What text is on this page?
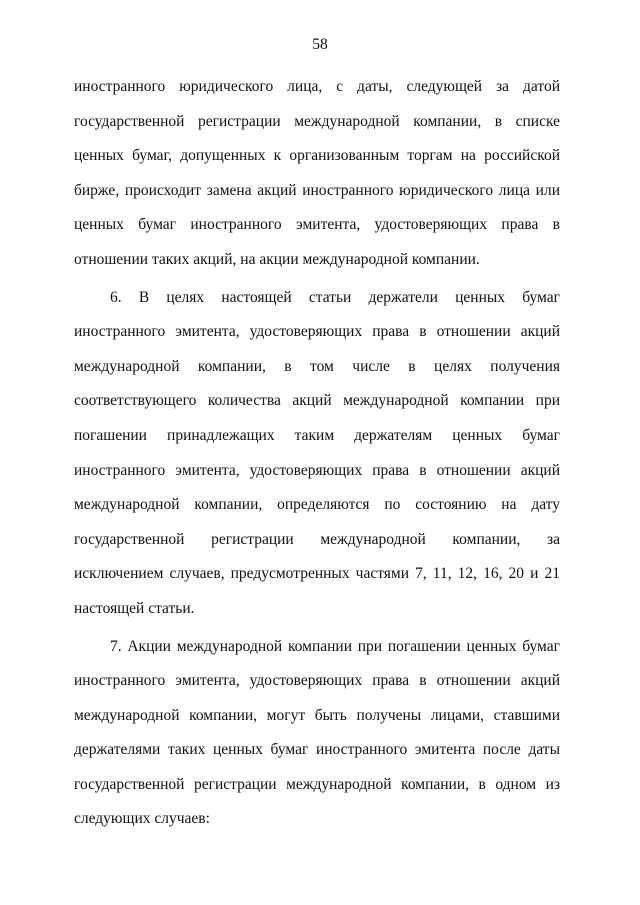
58

иностранного юридического лица, с даты, следующей за датой государственной регистрации международной компании, в списке ценных бумаг, допущенных к организованным торгам на российской бирже, происходит замена акций иностранного юридического лица или ценных бумаг иностранного эмитента, удостоверяющих права в отношении таких акций, на акции международной компании.

6. В целях настоящей статьи держатели ценных бумаг иностранного эмитента, удостоверяющих права в отношении акций международной компании, в том числе в целях получения соответствующего количества акций международной компании при погашении принадлежащих таким держателям ценных бумаг иностранного эмитента, удостоверяющих права в отношении акций международной компании, определяются по состоянию на дату государственной регистрации международной компании, за исключением случаев, предусмотренных частями 7, 11, 12, 16, 20 и 21 настоящей статьи.

7. Акции международной компании при погашении ценных бумаг иностранного эмитента, удостоверяющих права в отношении акций международной компании, могут быть получены лицами, ставшими держателями таких ценных бумаг иностранного эмитента после даты государственной регистрации международной компании, в одном из следующих случаев:
